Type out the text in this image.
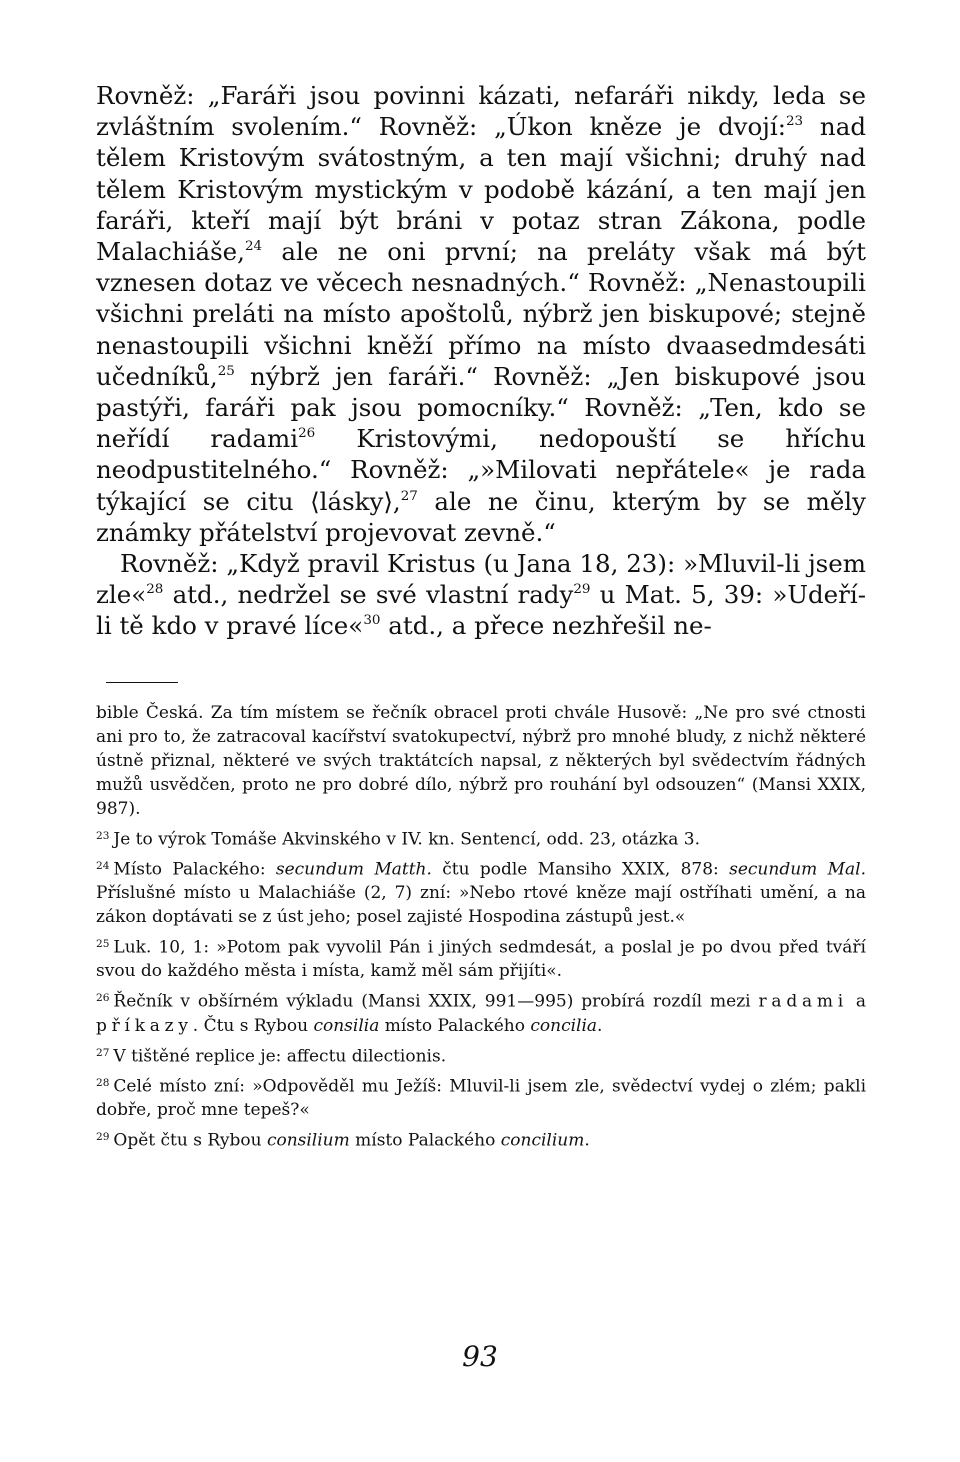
Rovněž: „Faráři jsou povinni kázati, nefaráři nikdy, leda se zvláštním svolením.“ Rovněž: „Úkon kněze je dvojí:$^{23}$ nad tělem Kristovým svátostným, a ten mají všichni; druhý nad tělem Kristovým mystickým v podobě kázání, a ten mají jen faráři, kteří mají být bráni v potaz stran Zákona, podle Malachiáše,$^{24}$ ale ne oni první; na preláty však má být vznesen dotaz ve věcech nesnadných.“ Rovněž: „Nenastoupili všichni preláti na místo apoštolů, nýbrž jen biskupové; stejně nenastoupili všichni kněží přímo na místo dvaasedmdesáti učedníků,$^{25}$ nýbrž jen faráři.“ Rovněž: „Jen biskupové jsou pastýři, faráři pak jsou pomocníky.“ Rovněž: „Ten, kdo se neřídí radami$^{26}$ Kristovými, nedopouští se hříchu neodpustitelného.“ Rovněž: „»Milovati nepřátele« je rada týkající se citu ⟨lásky⟩,$^{27}$ ale ne činu, kterým by se měly známky přátelství projevovat zevně.“

Rovněž: „Když pravil Kristus (u Jana 18, 23): »Mluvil-li jsem zle«$^{28}$ atd., nedržel se své vlastní rady$^{29}$ u Mat. 5, 39: »Udeří-li tě kdo v pravé líce«$^{30}$ atd., a přece nezhřešil ne-

bible Česká. Za tím místem se řečník obracel proti chvále Husově: „Ne pro své ctnosti ani pro to, že zatracoval kacířství svatokupectví, nýbrž pro mnohé bludy, z nichž některé ústně přiznal, některé ve svých traktátcích napsal, z některých byl svědectvím řádných mužů usvědčen, proto ne pro dobré dílo, nýbrž pro rouhání byl odsouzen“ (Mansi XXIX, 987).

$^{23}$ Je to výrok Tomáše Akvinského v IV. kn. Sentencí, odd. 23, otázka 3.

$^{24}$ Místo Palackého: secundum Matth. čtu podle Mansiho XXIX, 878: secundum Mal. Příslušné místo u Malachiáše (2, 7) zní: »Nebo rtové kněze mají ostříhati umění, a na zákon doptávati se z úst jeho; posel zajisté Hospodina zástupů jest.«

$^{25}$ Luk. 10, 1: »Potom pak vyvolil Pán i jiných sedmdesát, a poslal je po dvou před tváří svou do každého města i místa, kamž měl sám přijíti«.

$^{26}$ Řečník v obšírném výkladu (Mansi XXIX, 991—995) probírá rozdíl mezi radami a příkazy. Čtu s Rybou consilia místo Palackého concilia.

$^{27}$ V tištěné replice je: affectu dilectionis.

$^{28}$ Celé místo zní: »Odpověděl mu Ježíš: Mluvil-li jsem zle, svědectví vydej o zlém; pakli dobře, proč mne tepeš?«

$^{29}$ Opět čtu s Rybou consilium místo Palackého concilium.

93
